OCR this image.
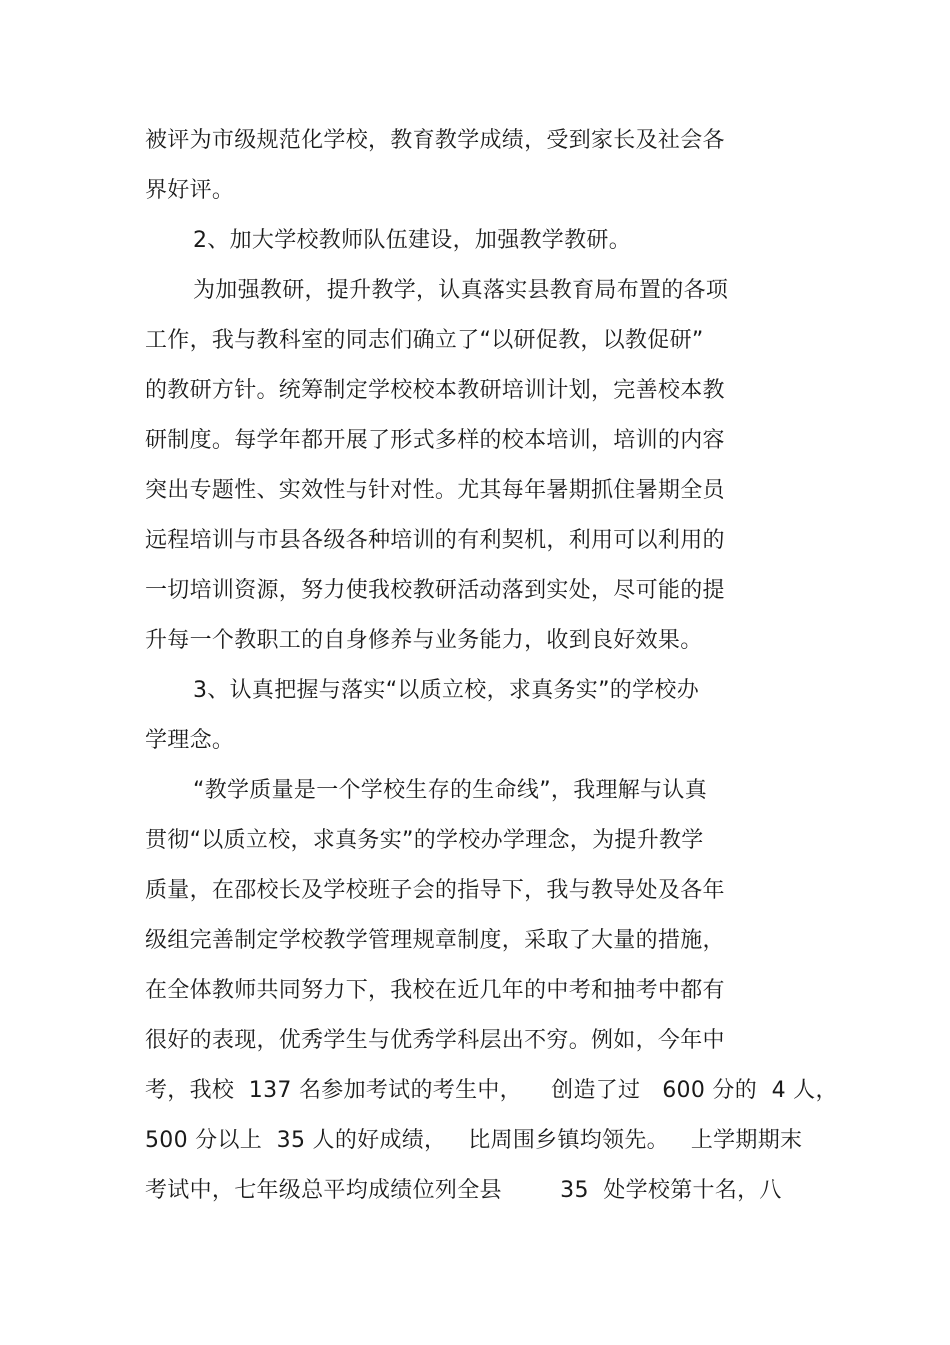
被评为市级规范化学校，教育教学成绩，受到家长及社会各
界好评。
2、加大学校教师队伍建设，加强教学教研。
为加强教研，提升教学，认真落实县教育局布置的各项
工作，我与教科室的同志们确立了“以研促教，以教促研”
的教研方针。统筹制定学校校本教研培训计划，完善校本教
研制度。每学年都开展了形式多样的校本培训，培训的内容
突出专题性、实效性与针对性。尤其每年暑期抓住暑期全员
远程培训与市县各级各种培训的有利契机，利用可以利用的
一切培训资源，努力使我校教研活动落到实处，尽可能的提
升每一个教职工的自身修养与业务能力，收到良好效果。
3、认真把握与落实“以质立校，求真务实”的学校办
学理念。
“教学质量是一个学校生存的生命线”，我理解与认真
贯彻“以质立校，求真务实”的学校办学理念，为提升教学
质量，在邵校长及学校班子会的指导下，我与教导处及各年
级组完善制定学校教学管理规章制度，采取了大量的措施，
在全体教师共同努力下，我校在近几年的中考和抽考中都有
很好的表现，优秀学生与优秀学科层出不穷。例如，今年中
考，我校  137 名参加考试的考生中，    创造了过   600 分的  4 人，
500 分以上  35 人的好成绩，   比周围乡镇均领先。   上学期期末
考试中，七年级总平均成绩位列全县        35  处学校第十名，八
